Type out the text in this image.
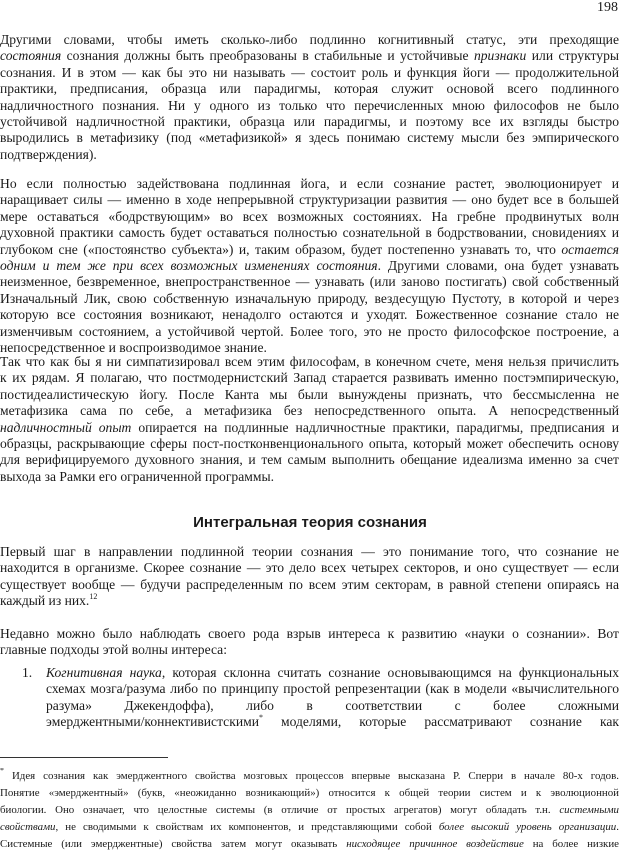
198
Другими словами, чтобы иметь сколько-либо подлинно когнитивный статус, эти преходящие
состояния сознания должны быть преобразованы в стабильные и устойчивые признаки или структуры
сознания. И в этом — как бы это ни называть — состоит роль и функция йоги — продолжительной
практики, предписания, образца или парадигмы, которая служит основой всего подлинного
надличностного познания. Ни у одного из только что перечисленных мною философов не было
устойчивой надличностной практики, образца или парадигмы, и поэтому все их взгляды быстро
выродились в метафизику (под «метафизикой» я здесь понимаю систему мысли без эмпирического
подтверждения).
Но если полностью задействована подлинная йога, и если сознание растет, эволюционирует и
наращивает силы — именно в ходе непрерывной структуризации развития — оно будет все в большей
мере оставаться «бодрствующим» во всех возможных состояниях. На гребне продвинутых волн
духовной практики самость будет оставаться полностью сознательной в бодрствовании, сновидениях и
глубоком сне («постоянство субъекта») и, таким образом, будет постепенно узнавать то, что остается
одним и тем же при всех возможных изменениях состояния. Другими словами, она будет узнавать
неизменное, безвременное, внепространственное — узнавать (или заново постигать) свой собственный
Изначальный Лик, свою собственную изначальную природу, вездесущую Пустоту, в которой и через
которую все состояния возникают, ненадолго остаются и уходят. Божественное сознание стало не
изменчивым состоянием, а устойчивой чертой. Более того, это не просто философское построение, а
непосредственное и воспроизводимое знание.
Так что как бы я ни симпатизировал всем этим философам, в конечном счете, меня нельзя причислить
к их рядам. Я полагаю, что постмодернистский Запад старается развивать именно постэмпирическую,
постидеалистическую йогу. После Канта мы были вынуждены признать, что бессмысленна не
метафизика сама по себе, а метафизика без непосредственного опыта. А непосредственный
надличностный опыт опирается на подлинные надличностные практики, парадигмы, предписания и
образцы, раскрывающие сферы пост-постконвенционального опыта, который может обеспечить основу
для верифицируемого духовного знания, и тем самым выполнить обещание идеализма именно за счет
выхода за Рамки его ограниченной программы.
Интегральная теория сознания
Первый шаг в направлении подлинной теории сознания — это понимание того, что сознание не
находится в организме. Скорее сознание — это дело всех четырех секторов, и оно существует — если
существует вообще — будучи распределенным по всем этим секторам, в равной степени опираясь на
каждый из них.$^{12}$
Недавно можно было наблюдать своего рода взрыв интереса к развитию «науки о сознании». Вот
главные подходы этой волны интереса:
1. Когнитивная наука, которая склонна считать сознание основывающимся на функциональных
схемах мозга/разума либо по принципу простой репрезентации (как в модели «вычислительного
разума» Джекендоффа), либо в соответствии с более сложными
эмерджентными/коннективистскими* моделями, которые рассматривают сознание как
* Идея сознания как эмерджентного свойства мозговых процессов впервые высказана Р. Сперри в начале 80-х годов.
Понятие «эмерджентный» (букв, «неожиданно возникающий») относится к общей теории систем и к эволюционной
биологии. Оно означает, что целостные системы (в отличие от простых агрегатов) могут обладать т.н. системными
свойствами, не сводимыми к свойствам их компонентов, и представляющими собой более высокий уровень организации.
Системные (или эмерджентные) свойства затем могут оказывать нисходящее причинное воздействие на более низкие
